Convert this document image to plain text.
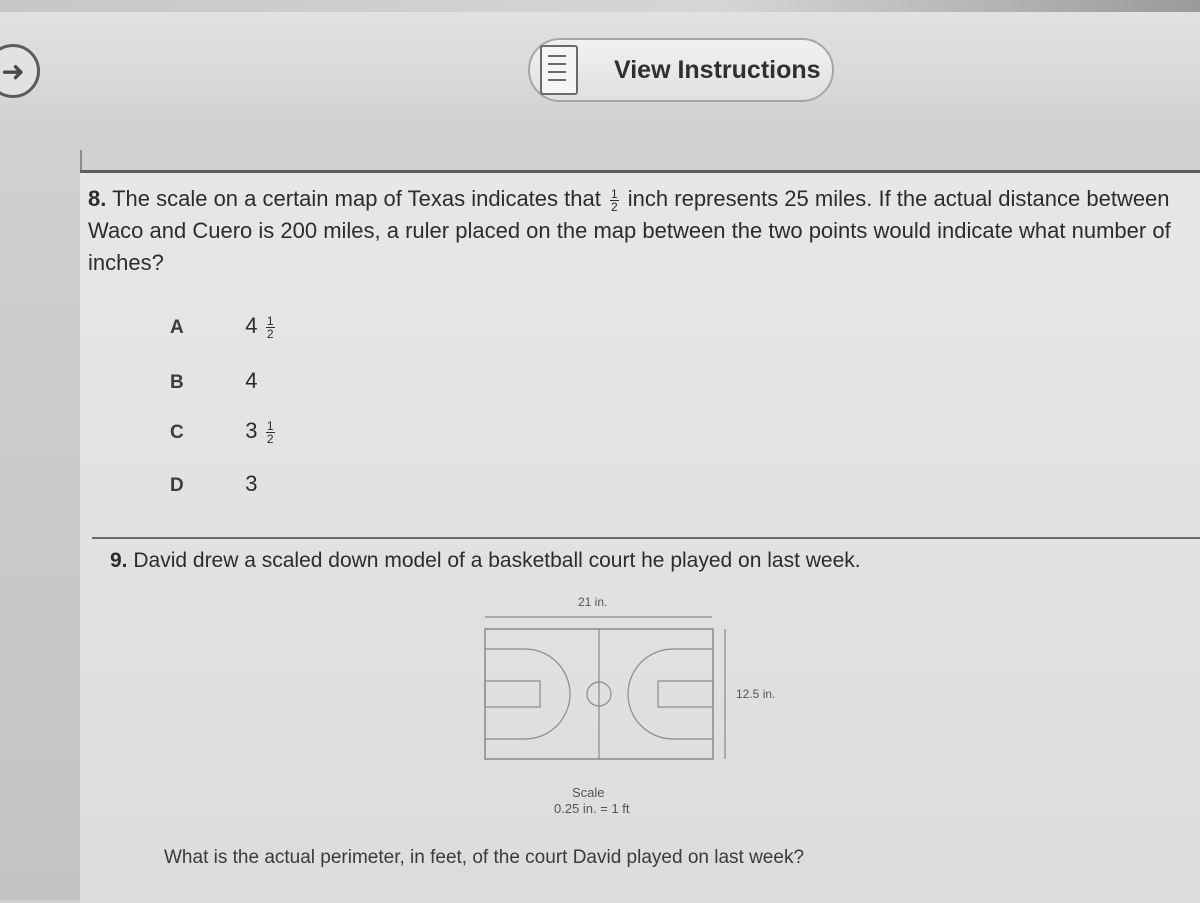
➜	View Instructions
8. The scale on a certain map of Texas indicates that $\frac{1}{2}$ inch represents 25 miles. If the actual distance between Waco and Cuero is 200 miles, a ruler placed on the map between the two points would indicate what number of inches?
A	$4 \frac{1}{2}$
B	4
C	$3 \frac{1}{2}$
D	3
9. David drew a scaled down model of a basketball court he played on last week.
21 in.
12.5 in.
Scale
0.25 in. = 1 ft
What is the actual perimeter, in feet, of the court David played on last week?
